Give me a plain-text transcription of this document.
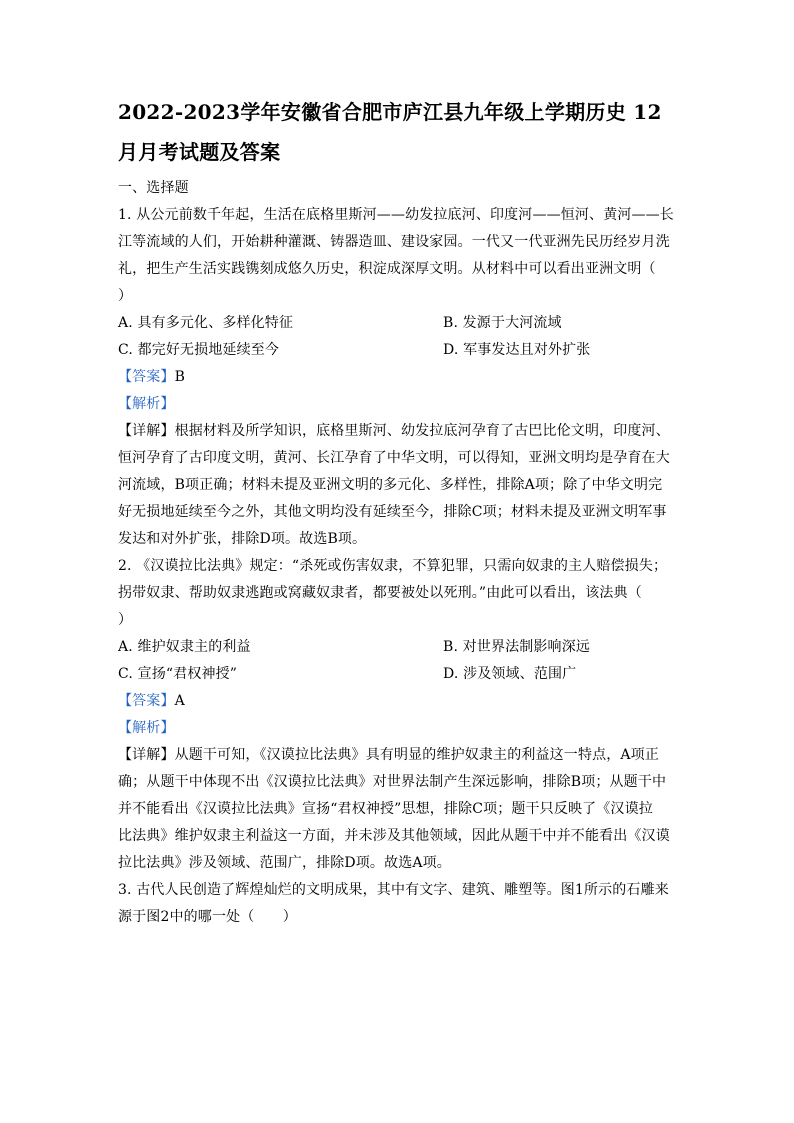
2022-2023学年安徽省合肥市庐江县九年级上学期历史 12
月月考试题及答案
一、选择题
1. 从公元前数千年起，生活在底格里斯河——幼发拉底河、印度河——恒河、黄河——长
江等流域的人们，开始耕种灌溉、铸器造皿、建设家园。一代又一代亚洲先民历经岁月洗
礼，把生产生活实践镌刻成悠久历史，积淀成深厚文明。从材料中可以看出亚洲文明（
）
A. 具有多元化、多样化特征	B. 发源于大河流域
C. 都完好无损地延续至今	D. 军事发达且对外扩张
【答案】B
【解析】
【详解】根据材料及所学知识，底格里斯河、幼发拉底河孕育了古巴比伦文明，印度河、
恒河孕育了古印度文明，黄河、长江孕育了中华文明，可以得知，亚洲文明均是孕育在大
河流域，B项正确；材料未提及亚洲文明的多元化、多样性，排除A项；除了中华文明完
好无损地延续至今之外，其他文明均没有延续至今，排除C项；材料未提及亚洲文明军事
发达和对外扩张，排除D项。故选B项。
2. 《汉谟拉比法典》规定：“杀死或伤害奴隶，不算犯罪，只需向奴隶的主人赔偿损失；
拐带奴隶、帮助奴隶逃跑或窝藏奴隶者，都要被处以死刑。”由此可以看出，该法典（
）
A. 维护奴隶主的利益	B. 对世界法制影响深远
C. 宣扬“君权神授”	D. 涉及领域、范围广
【答案】A
【解析】
【详解】从题干可知，《汉谟拉比法典》具有明显的维护奴隶主的利益这一特点，A项正
确；从题干中体现不出《汉谟拉比法典》对世界法制产生深远影响，排除B项；从题干中
并不能看出《汉谟拉比法典》宣扬“君权神授”思想，排除C项；题干只反映了《汉谟拉
比法典》维护奴隶主利益这一方面，并未涉及其他领域，因此从题干中并不能看出《汉谟
拉比法典》涉及领域、范围广，排除D项。故选A项。
3. 古代人民创造了辉煌灿烂的文明成果，其中有文字、建筑、雕塑等。图1所示的石雕来
源于图2中的哪一处（　　）
